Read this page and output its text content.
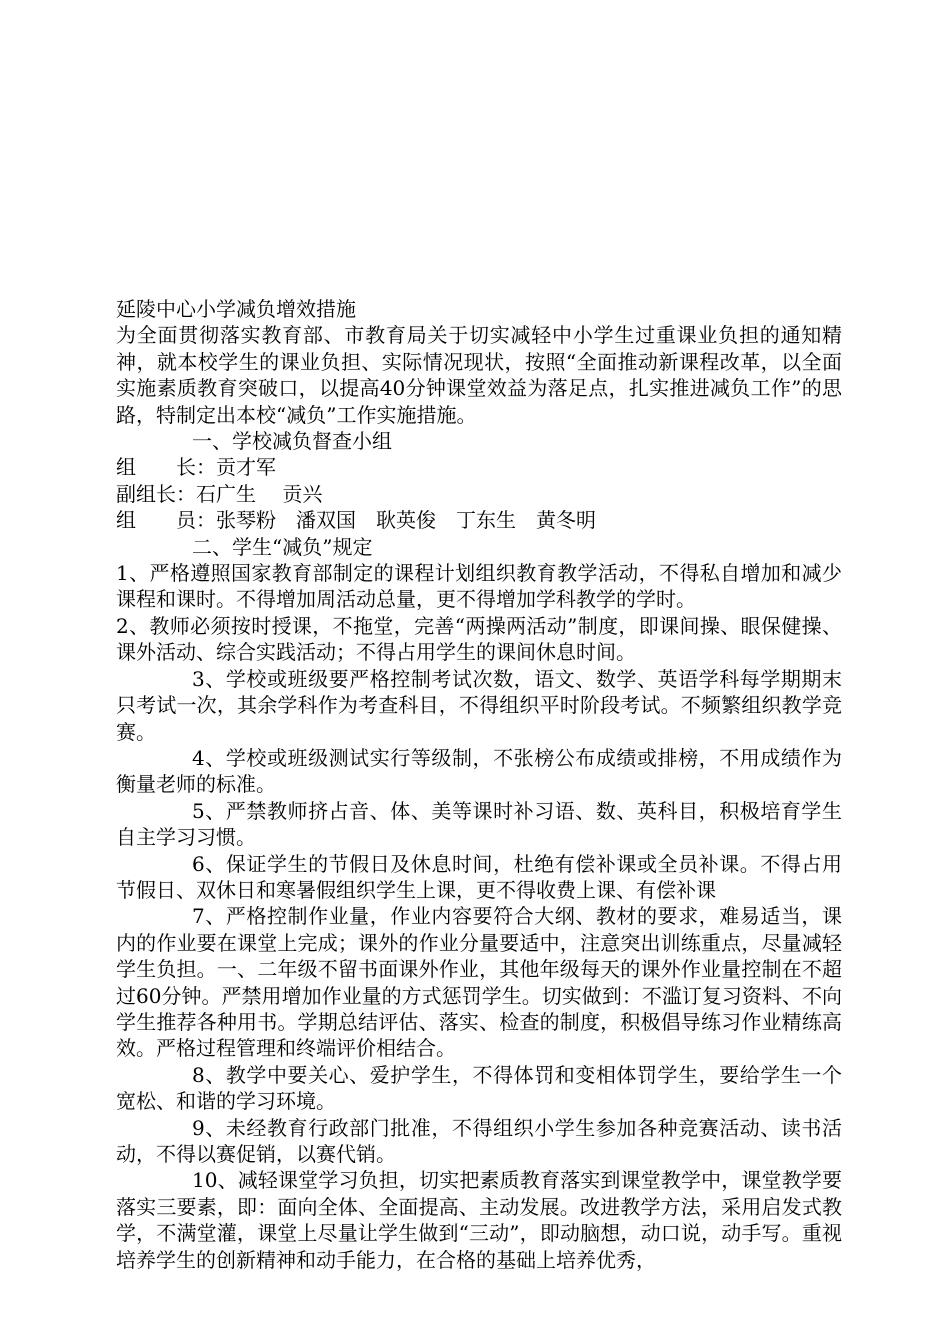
延陵中心小学减负增效措施

为全面贯彻落实教育部、市教育局关于切实减轻中小学生过重课业负担的通知精神，就本校学生的课业负担、实际情况现状，按照“全面推动新课程改革，以全面实施素质教育突破口，以提高40分钟课堂效益为落足点，扎实推进减负工作”的思路，特制定出本校“减负”工作实施措施。

一、学校减负督查小组

组　　长：贡才军

副组长：石广生　 贡兴

组　　员：张琴粉　潘双国　耿英俊　丁东生　黄冬明

二、学生“减负”规定

1、严格遵照国家教育部制定的课程计划组织教育教学活动，不得私自增加和减少课程和课时。不得增加周活动总量，更不得增加学科教学的学时。

2、教师必须按时授课，不拖堂，完善“两操两活动”制度，即课间操、眼保健操、课外活动、综合实践活动；不得占用学生的课间休息时间。

3、学校或班级要严格控制考试次数，语文、数学、英语学科每学期期末只考试一次，其余学科作为考查科目，不得组织平时阶段考试。不频繁组织教学竞赛。

4、学校或班级测试实行等级制，不张榜公布成绩或排榜，不用成绩作为衡量老师的标准。

5、严禁教师挤占音、体、美等课时补习语、数、英科目，积极培育学生自主学习习惯。

6、保证学生的节假日及休息时间，杜绝有偿补课或全员补课。不得占用节假日、双休日和寒暑假组织学生上课，更不得收费上课、有偿补课

7、严格控制作业量，作业内容要符合大纲、教材的要求，难易适当，课内的作业要在课堂上完成；课外的作业分量要适中，注意突出训练重点，尽量减轻学生负担。一、二年级不留书面课外作业，其他年级每天的课外作业量控制在不超过60分钟。严禁用增加作业量的方式惩罚学生。切实做到：不滥订复习资料、不向学生推荐各种用书。学期总结评估、落实、检查的制度，积极倡导练习作业精练高效。严格过程管理和终端评价相结合。

8、教学中要关心、爱护学生，不得体罚和变相体罚学生，要给学生一个宽松、和谐的学习环境。

9、未经教育行政部门批准，不得组织小学生参加各种竞赛活动、读书活动，不得以赛促销，以赛代销。

10、减轻课堂学习负担，切实把素质教育落实到课堂教学中，课堂教学要落实三要素，即：面向全体、全面提高、主动发展。改进教学方法，采用启发式教学，不满堂灌，课堂上尽量让学生做到“三动”，即动脑想，动口说，动手写。重视培养学生的创新精神和动手能力，在合格的基础上培养优秀，
